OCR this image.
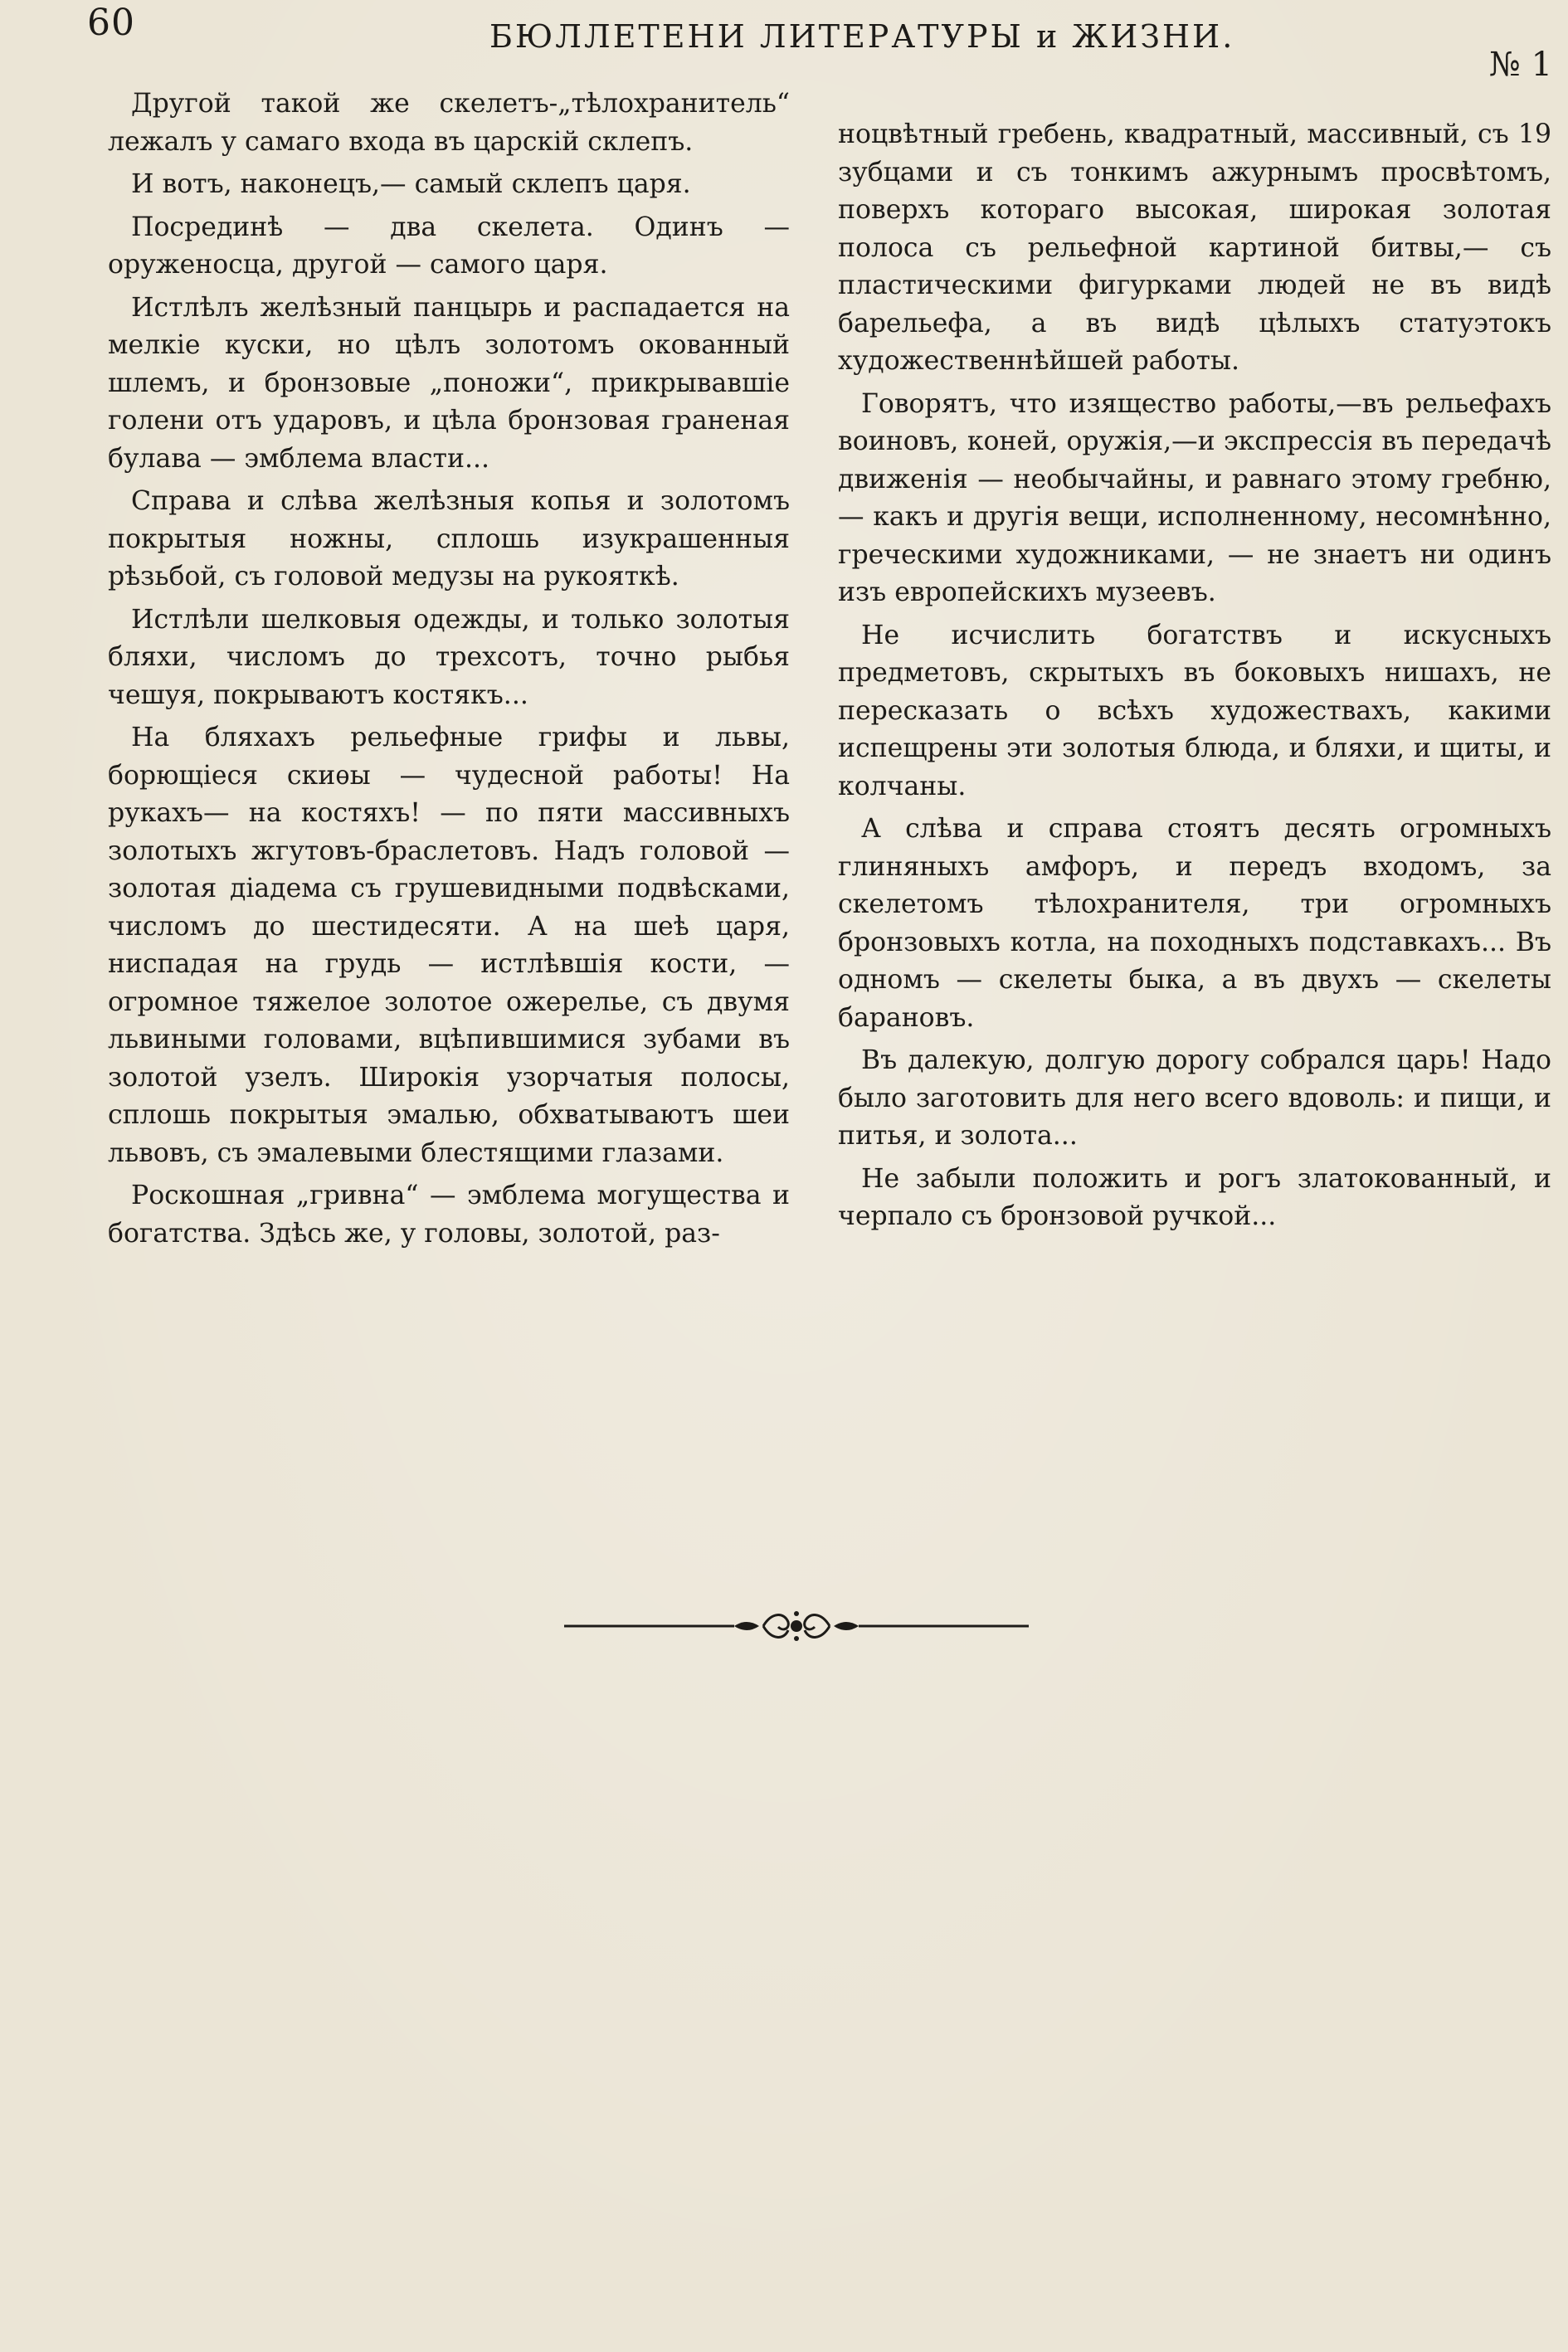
60	БЮЛЛЕТЕНИ ЛИТЕРАТУРЫ и ЖИЗНИ.
№ 1

Другой такой же скелетъ-„тѣлохранитель“ лежалъ у самаго входа въ царскій склепъ.

И вотъ, наконецъ,— самый склепъ царя.

Посрединѣ — два скелета. Одинъ — оруженосца, другой — самого царя.

Истлѣлъ желѣзный панцырь и распадается на мелкіе куски, но цѣлъ золотомъ окованный шлемъ, и бронзовые „поножи“, прикрывавшіе голени отъ ударовъ, и цѣла бронзовая граненая булава — эмблема власти...

Справа и слѣва желѣзныя копья и золотомъ покрытыя ножны, сплошь изукрашенныя рѣзьбой, съ головой медузы на рукояткѣ.

Истлѣли шелковыя одежды, и только золотыя бляхи, числомъ до трехсотъ, точно рыбья чешуя, покрываютъ костякъ...

На бляхахъ рельефные грифы и львы, борющіеся скиѳы — чудесной работы! На рукахъ— на костяхъ! — по пяти массивныхъ золотыхъ жгутовъ-браслетовъ. Надъ головой — золотая діадема съ грушевидными подвѣсками, числомъ до шестидесяти. А на шеѣ царя, ниспадая на грудь — истлѣвшія кости, — огромное тяжелое золотое ожерелье, съ двумя львиными головами, вцѣпившимися зубами въ золотой узелъ. Широкія узорчатыя полосы, сплошь покрытыя эмалью, обхватываютъ шеи львовъ, съ эмалевыми блестящими глазами.

Роскошная „гривна“ — эмблема могущества и богатства. Здѣсь же, у головы, золотой, раз-

ноцвѣтный гребень, квадратный, массивный, съ 19 зубцами и съ тонкимъ ажурнымъ просвѣтомъ, поверхъ котораго высокая, широкая золотая полоса съ рельефной картиной битвы,— съ пластическими фигурками людей не въ видѣ барельефа, а въ видѣ цѣлыхъ статуэтокъ художественнѣйшей работы.

Говорятъ, что изящество работы,—въ рельефахъ воиновъ, коней, оружія,—и экспрессія въ передачѣ движенія — необычайны, и равнаго этому гребню, — какъ и другія вещи, исполненному, несомнѣнно, греческими художниками, — не знаетъ ни одинъ изъ европейскихъ музеевъ.

Не исчислить богатствъ и искусныхъ предметовъ, скрытыхъ въ боковыхъ нишахъ, не пересказать о всѣхъ художествахъ, какими испещрены эти золотыя блюда, и бляхи, и щиты, и колчаны.

А слѣва и справа стоятъ десять огромныхъ глиняныхъ амфоръ, и передъ входомъ, за скелетомъ тѣлохранителя, три огромныхъ бронзовыхъ котла, на походныхъ подставкахъ... Въ одномъ — скелеты быка, а въ двухъ — скелеты барановъ.

Въ далекую, долгую дорогу собрался царь! Надо было заготовить для него всего вдоволь: и пищи, и питья, и золота...

Не забыли положить и рогъ златокованный, и черпало съ бронзовой ручкой...
